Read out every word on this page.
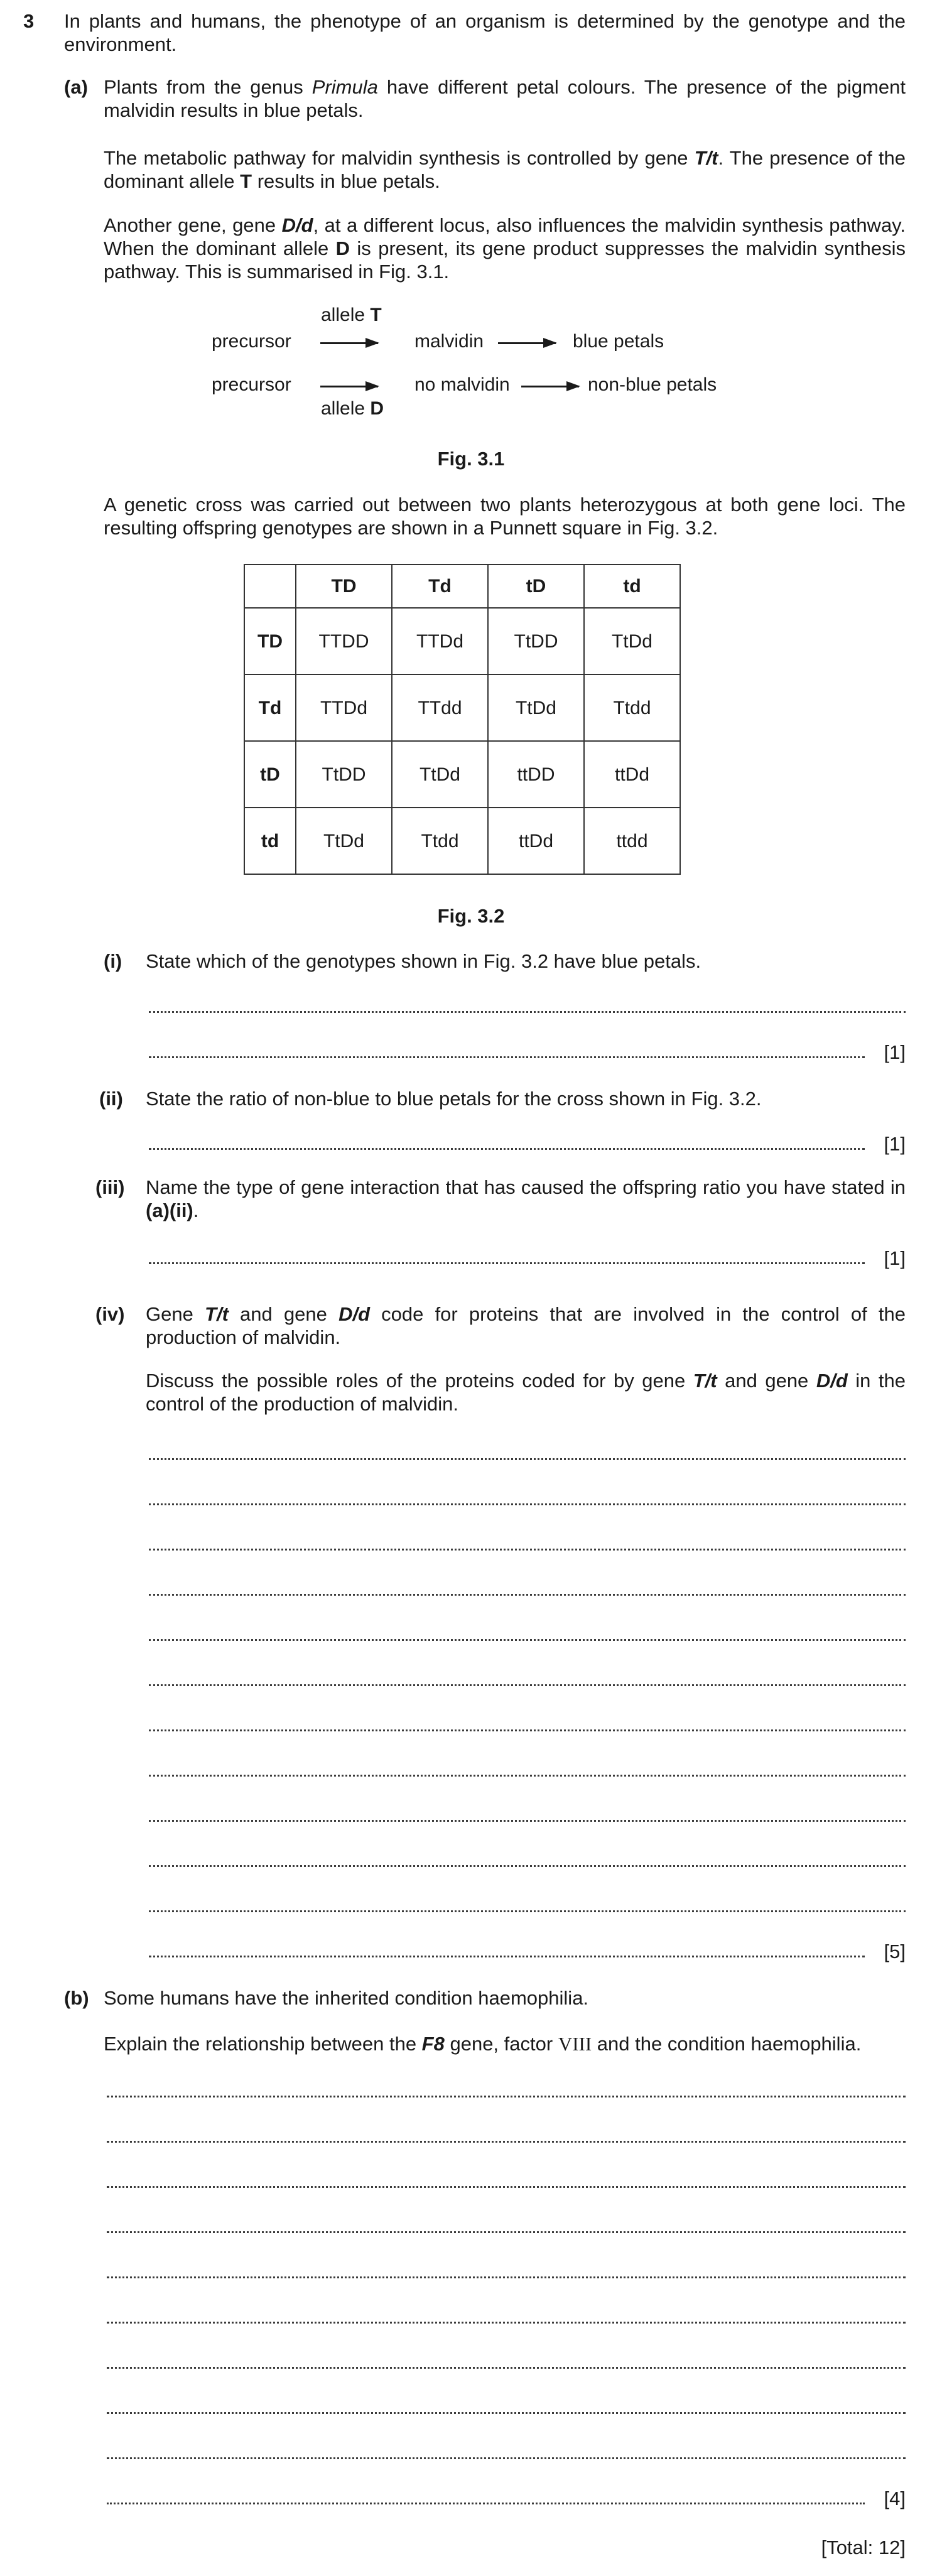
3 In plants and humans, the phenotype of an organism is determined by the genotype and the environment.

(a) Plants from the genus Primula have different petal colours. The presence of the pigment malvidin results in blue petals.

The metabolic pathway for malvidin synthesis is controlled by gene T/t. The presence of the dominant allele T results in blue petals.

Another gene, gene D/d, at a different locus, also influences the malvidin synthesis pathway. When the dominant allele D is present, its gene product suppresses the malvidin synthesis pathway. This is summarised in Fig. 3.1.

allele T
precursor	malvidin	blue petals
precursor	no malvidin	non-blue petals
allele D
Fig. 3.1

A genetic cross was carried out between two plants heterozygous at both gene loci. The resulting offspring genotypes are shown in a Punnett square in Fig. 3.2.

	TD	Td	tD	td
TD	TTDD	TTDd	TtDD	TtDd
Td	TTDd	TTdd	TtDd	Ttdd
tD	TtDD	TtDd	ttDD	ttDd
td	TtDd	Ttdd	ttDd	ttdd
Fig. 3.2
(i) State which of the genotypes shown in Fig. 3.2 have blue petals.

[1]
(ii) State the ratio of non-blue to blue petals for the cross shown in Fig. 3.2.

[1]
(iii) Name the type of gene interaction that has caused the offspring ratio you have stated in (a)(ii).

[1]
(iv) Gene T/t and gene D/d code for proteins that are involved in the control of the production of malvidin.

Discuss the possible roles of the proteins coded for by gene T/t and gene D/d in the control of the production of malvidin.

[5]
(b) Some humans have the inherited condition haemophilia.

Explain the relationship between the F8 gene, factor VIII and the condition haemophilia.

[4]
[Total: 12]
